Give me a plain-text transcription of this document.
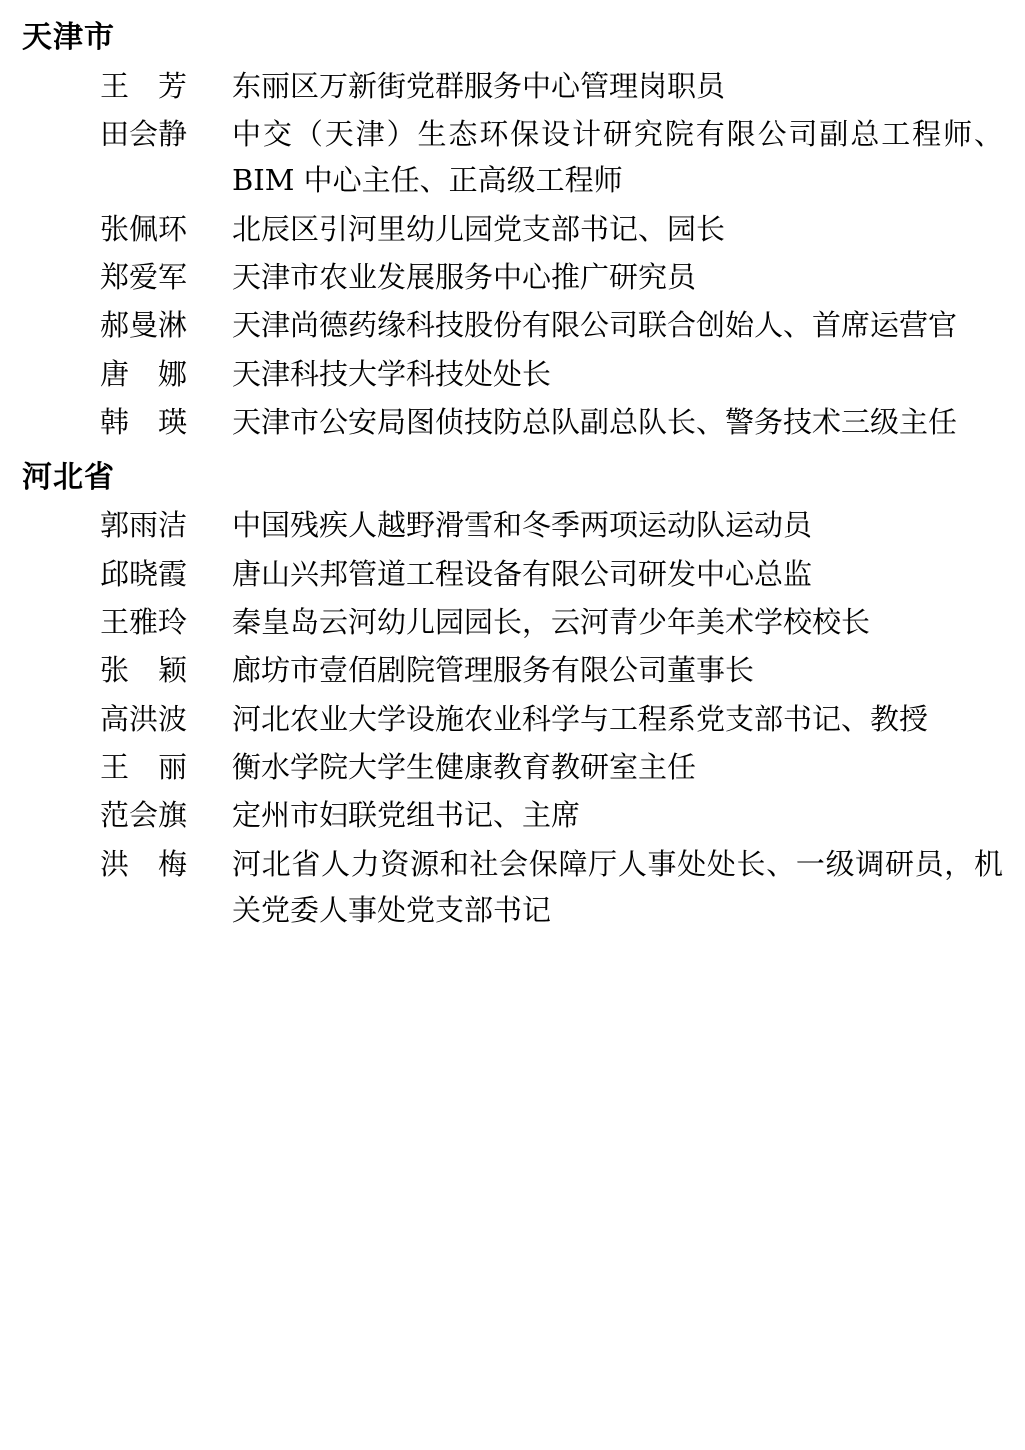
天津市
王　芳	东丽区万新街党群服务中心管理岗职员
田会静	中交（天津）生态环保设计研究院有限公司副总工程师、BIM 中心主任、正高级工程师
张佩环	北辰区引河里幼儿园党支部书记、园长
郑爱军	天津市农业发展服务中心推广研究员
郝曼淋	天津尚德药缘科技股份有限公司联合创始人、首席运营官
唐　娜	天津科技大学科技处处长
韩　瑛	天津市公安局图侦技防总队副总队长、警务技术三级主任
河北省
郭雨洁	中国残疾人越野滑雪和冬季两项运动队运动员
邱晓霞	唐山兴邦管道工程设备有限公司研发中心总监
王雅玲	秦皇岛云河幼儿园园长，云河青少年美术学校校长
张　颖	廊坊市壹佰剧院管理服务有限公司董事长
高洪波	河北农业大学设施农业科学与工程系党支部书记、教授
王　丽	衡水学院大学生健康教育教研室主任
范会旗	定州市妇联党组书记、主席
洪　梅	河北省人力资源和社会保障厅人事处处长、一级调研员，机关党委人事处党支部书记
